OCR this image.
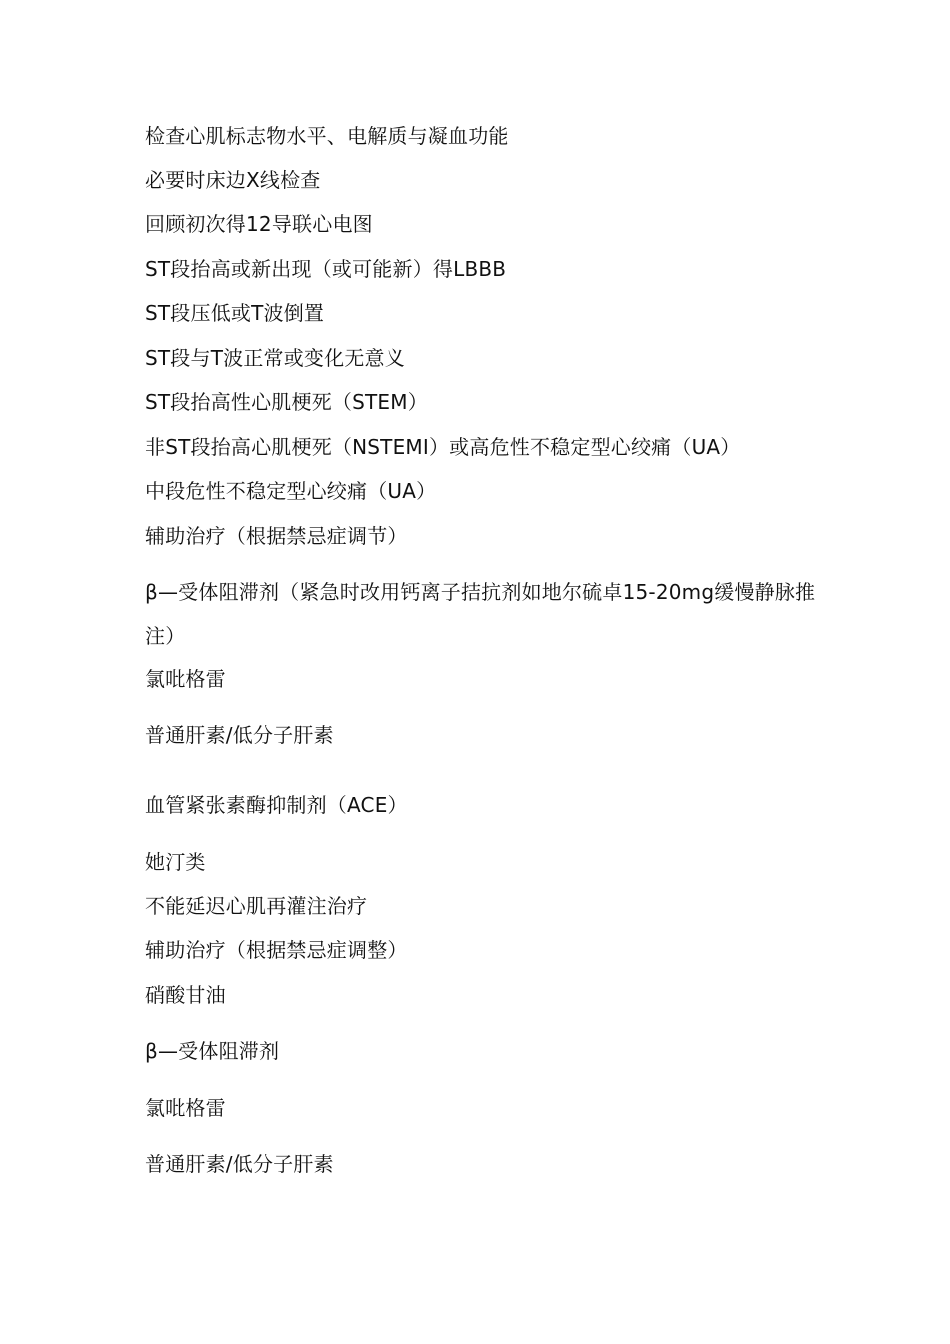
检查心肌标志物水平、电解质与凝血功能
必要时床边X线检查
回顾初次得12导联心电图
ST段抬高或新出现（或可能新）得LBBB
ST段压低或T波倒置
ST段与T波正常或变化无意义
ST段抬高性心肌梗死（STEM）
非ST段抬高心肌梗死（NSTEMI）或高危性不稳定型心绞痛（UA）
中段危性不稳定型心绞痛（UA）
辅助治疗（根据禁忌症调节）
β—受体阻滞剂（紧急时改用钙离子拮抗剂如地尔硫卓15-20mg缓慢静脉推注）
氯吡格雷
普通肝素/低分子肝素
血管紧张素酶抑制剂（ACE）
她汀类
不能延迟心肌再灌注治疗
辅助治疗（根据禁忌症调整）
硝酸甘油
β—受体阻滞剂
氯吡格雷
普通肝素/低分子肝素
